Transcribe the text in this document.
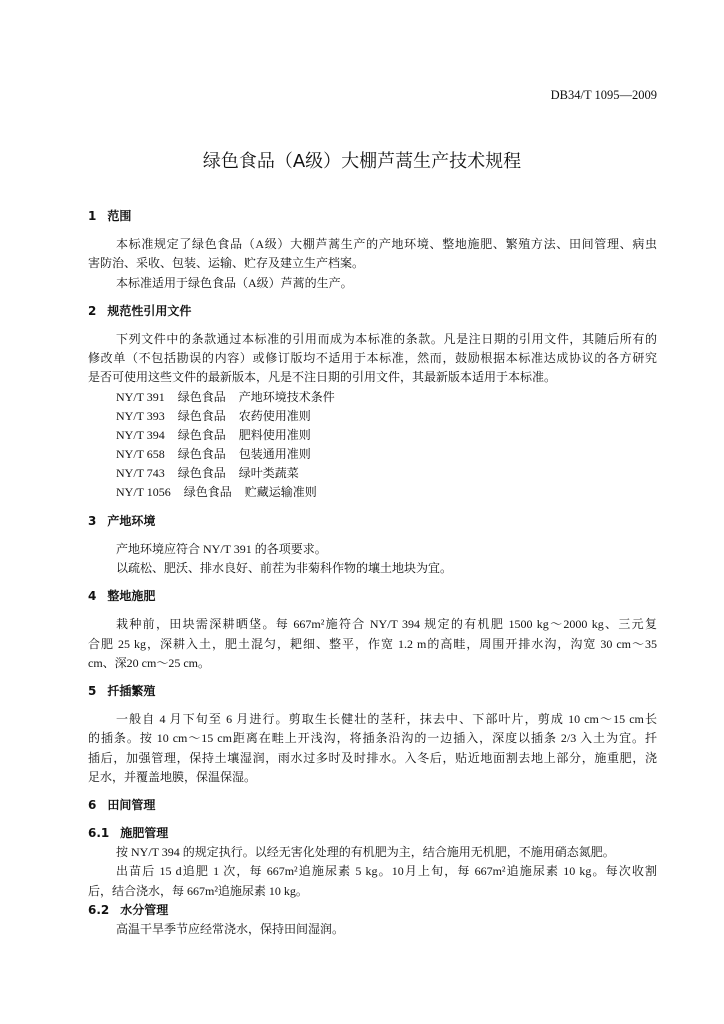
DB34/T 1095—2009
绿色食品（A级）大棚芦蒿生产技术规程
1 范围
本标准规定了绿色食品（A级）大棚芦蒿生产的产地环境、整地施肥、繁殖方法、田间管理、病虫
害防治、采收、包装、运输、贮存及建立生产档案。
本标准适用于绿色食品（A级）芦蒿的生产。
2 规范性引用文件
下列文件中的条款通过本标准的引用而成为本标准的条款。凡是注日期的引用文件，其随后所有的
修改单（不包括勘误的内容）或修订版均不适用于本标准，然而，鼓励根据本标准达成协议的各方研究
是否可使用这些文件的最新版本，凡是不注日期的引用文件，其最新版本适用于本标准。
NY/T 391 绿色食品 产地环境技术条件
NY/T 393 绿色食品 农药使用准则
NY/T 394 绿色食品 肥料使用准则
NY/T 658 绿色食品 包装通用准则
NY/T 743 绿色食品 绿叶类蔬菜
NY/T 1056 绿色食品 贮藏运输准则
3 产地环境
产地环境应符合 NY/T 391 的各项要求。
以疏松、肥沃、排水良好、前茬为非菊科作物的壤土地块为宜。
4 整地施肥
栽种前，田块需深耕晒垡。每 667m²施符合 NY/T 394 规定的有机肥 1500 kg～2000 kg、三元复
合肥 25 kg，深耕入土，肥土混匀，耙细、整平，作宽 1.2 m的高畦，周围开排水沟，沟宽 30 cm～35
cm、深20 cm～25 cm。
5 扦插繁殖
一般自 4 月下旬至 6 月进行。剪取生长健壮的茎秆，抹去中、下部叶片，剪成 10 cm～15 cm长
的插条。按 10 cm～15 cm距离在畦上开浅沟，将插条沿沟的一边插入，深度以插条 2/3 入土为宜。扦
插后，加强管理，保持土壤湿润，雨水过多时及时排水。入冬后，贴近地面割去地上部分，施重肥，浇
足水，并覆盖地膜，保温保湿。
6 田间管理
6.1 施肥管理
按 NY/T 394 的规定执行。以经无害化处理的有机肥为主，结合施用无机肥，不施用硝态氮肥。
出苗后 15 d追肥 1 次，每 667m²追施尿素 5 kg。10月上旬，每 667m²追施尿素 10 kg。每次收割
后，结合浇水，每 667m²追施尿素 10 kg。
6.2 水分管理
高温干旱季节应经常浇水，保持田间湿润。
